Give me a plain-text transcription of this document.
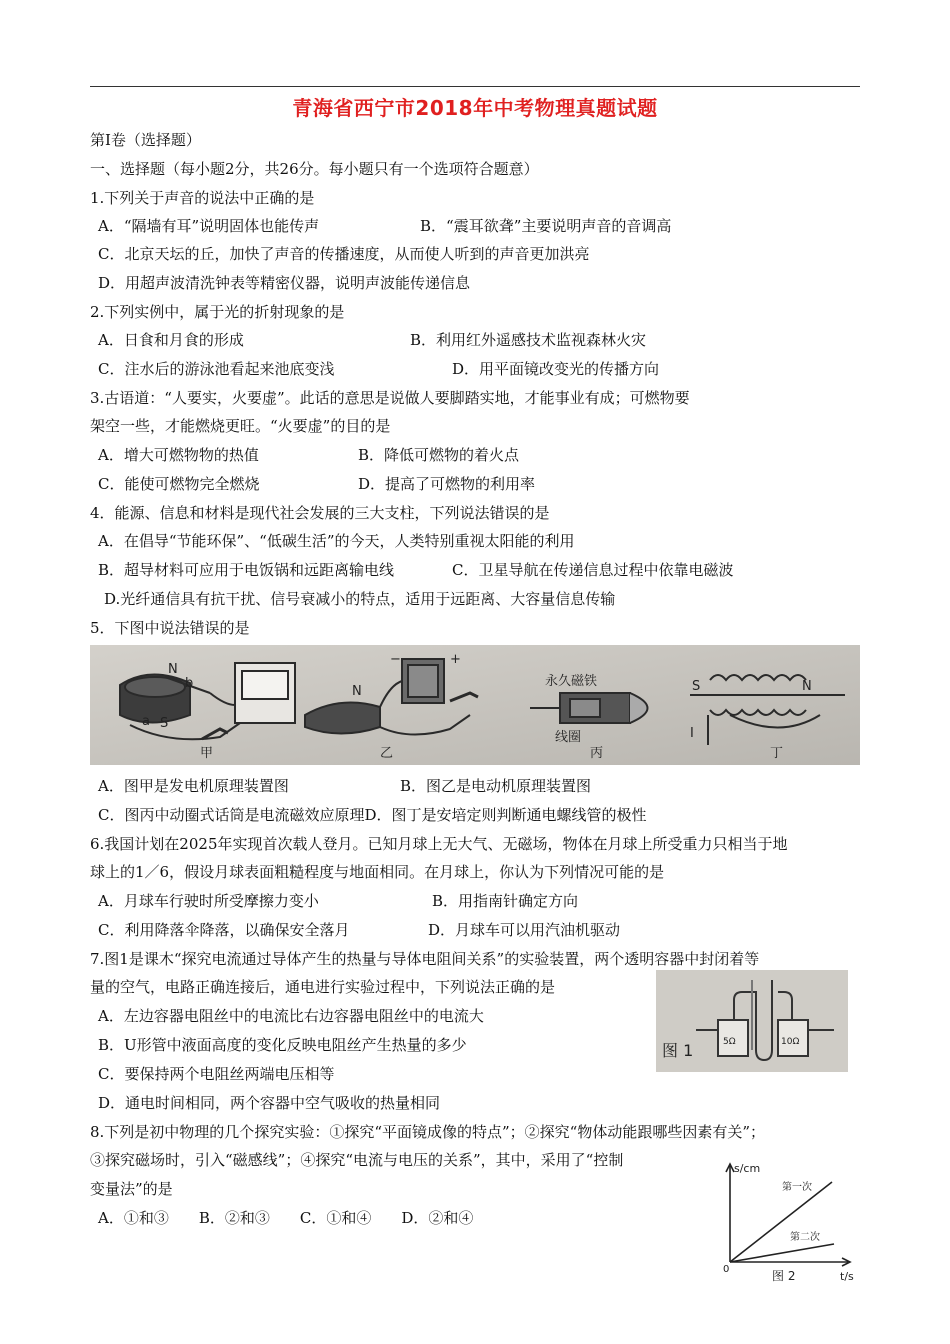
青海省西宁市2018年中考物理真题试题
第Ⅰ卷（选择题）
一、选择题（每小题2分，共26分。每小题只有一个选项符合题意）
1.下列关于声音的说法中正确的是
A．“隔墙有耳”说明固体也能传声	B．“震耳欲聋”主要说明声音的音调高
C．北京天坛的丘，加快了声音的传播速度，从而使人听到的声音更加洪亮
D．用超声波清洗钟表等精密仪器，说明声波能传递信息
2.下列实例中，属于光的折射现象的是
A．日食和月食的形成	B．利用红外遥感技术监视森林火灾
C．注水后的游泳池看起来池底变浅	D．用平面镜改变光的传播方向
3.古语道：“人要实，火要虚”。此话的意思是说做人要脚踏实地，才能事业有成；可燃物要
架空一些，才能燃烧更旺。“火要虚”的目的是
A．增大可燃物物的热值	B．降低可燃物的着火点
C．能使可燃物完全燃烧	D．提高了可燃物的利用率
4．能源、信息和材料是现代社会发展的三大支柱，下列说法错误的是
A．在倡导“节能环保”、“低碳生活”的今天，人类特别重视太阳能的利用
B．超导材料可应用于电饭锅和远距离输电线	C．卫星导航在传递信息过程中依靠电磁波
D.光纤通信具有抗干扰、信号衰减小的特点，适用于远距离、大容量信息传输
5．下图中说法错误的是
N
b
a S
甲
−	+
N
乙
永久磁铁
线圈
丙
S	N
I
丁
A．图甲是发电机原理装置图	B．图乙是电动机原理装置图
C．图丙中动圈式话筒是电流磁效应原理D．图丁是安培定则判断通电螺线管的极性
6.我国计划在2025年实现首次载人登月。已知月球上无大气、无磁场，物体在月球上所受重力只相当于地
球上的1／6，假设月球表面粗糙程度与地面相同。在月球上，你认为下列情况可能的是
A．月球车行驶时所受摩擦力变小	B．用指南针确定方向
C．利用降落伞降落，以确保安全落月	D．月球车可以用汽油机驱动
7.图1是课木“探究电流通过导体产生的热量与导体电阻间关系”的实验装置，两个透明容器中封闭着等
量的空气，电路正确连接后，通电进行实验过程中，下列说法正确的是
A．左边容器电阻丝中的电流比右边容器电阻丝中的电流大
B．U形管中液面高度的变化反映电阻丝产生热量的多少
C．要保持两个电阻丝两端电压相等
D．通电时间相同，两个容器中空气吸收的热量相同
图 1	5Ω	10Ω
8.下列是初中物理的几个探究实验：①探究“平面镜成像的特点”；②探究“物体动能跟哪些因素有关”；
③探究磁场时，引入“磁感线”；④探究“电流与电压的关系”，其中，采用了“控制
变量法”的是
A．①和③　　B．②和③　　C．①和④　　D．②和④
s/cm
t/s
0
第一次
第二次
图 2
